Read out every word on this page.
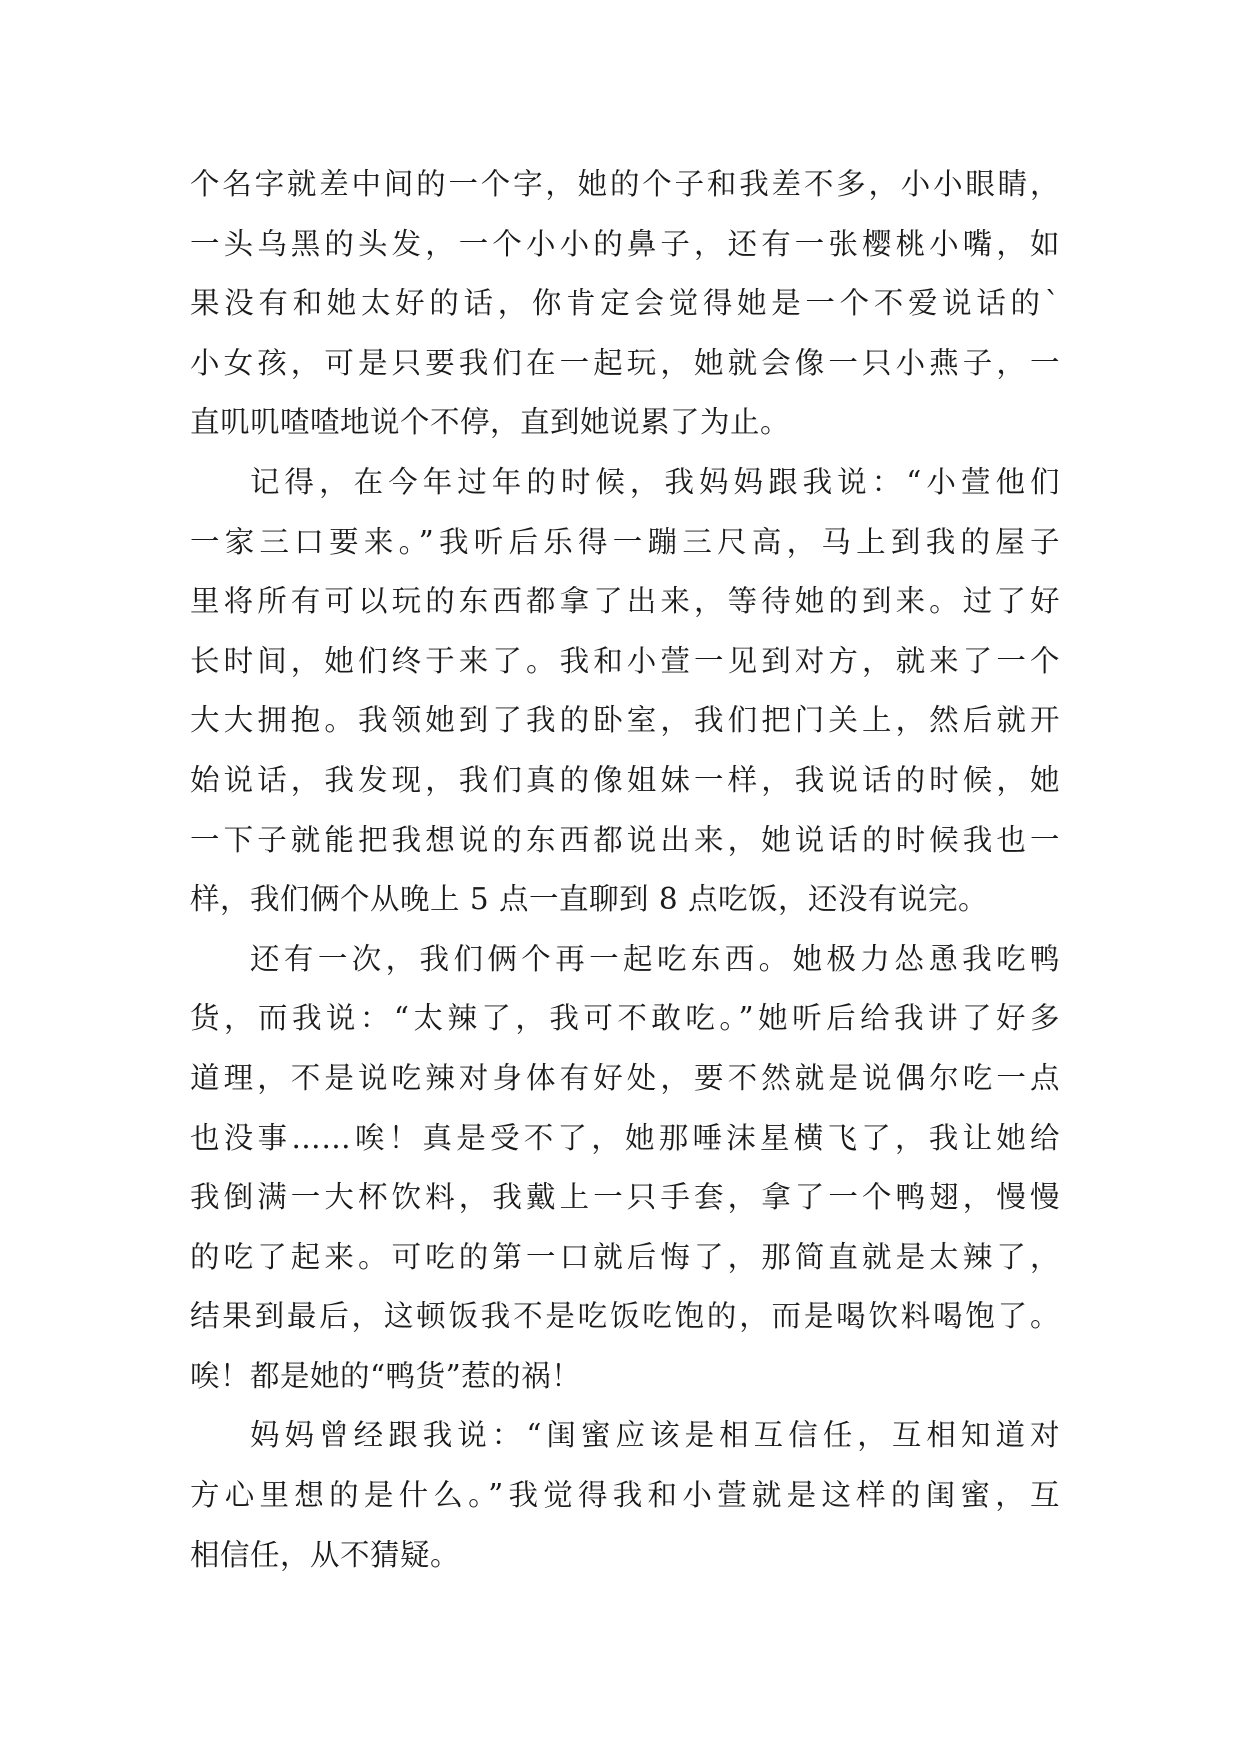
个名字就差中间的一个字，她的个子和我差不多，小小眼睛，
一头乌黑的头发，一个小小的鼻子，还有一张樱桃小嘴，如
果没有和她太好的话，你肯定会觉得她是一个不爱说话的`
小女孩，可是只要我们在一起玩，她就会像一只小燕子，一
直叽叽喳喳地说个不停，直到她说累了为止。
记得，在今年过年的时候，我妈妈跟我说：“小萱他们
一家三口要来。”我听后乐得一蹦三尺高，马上到我的屋子
里将所有可以玩的东西都拿了出来，等待她的到来。过了好
长时间，她们终于来了。我和小萱一见到对方，就来了一个
大大拥抱。我领她到了我的卧室，我们把门关上，然后就开
始说话，我发现，我们真的像姐妹一样，我说话的时候，她
一下子就能把我想说的东西都说出来，她说话的时候我也一
样，我们俩个从晚上 5 点一直聊到 8 点吃饭，还没有说完。
还有一次，我们俩个再一起吃东西。她极力怂恿我吃鸭
货，而我说：“太辣了，我可不敢吃。”她听后给我讲了好多
道理，不是说吃辣对身体有好处，要不然就是说偶尔吃一点
也没事……唉！真是受不了，她那唾沫星横飞了，我让她给
我倒满一大杯饮料，我戴上一只手套，拿了一个鸭翅，慢慢
的吃了起来。可吃的第一口就后悔了，那简直就是太辣了，
结果到最后，这顿饭我不是吃饭吃饱的，而是喝饮料喝饱了。
唉！都是她的“鸭货”惹的祸！
妈妈曾经跟我说：“闺蜜应该是相互信任，互相知道对
方心里想的是什么。”我觉得我和小萱就是这样的闺蜜，互
相信任，从不猜疑。
